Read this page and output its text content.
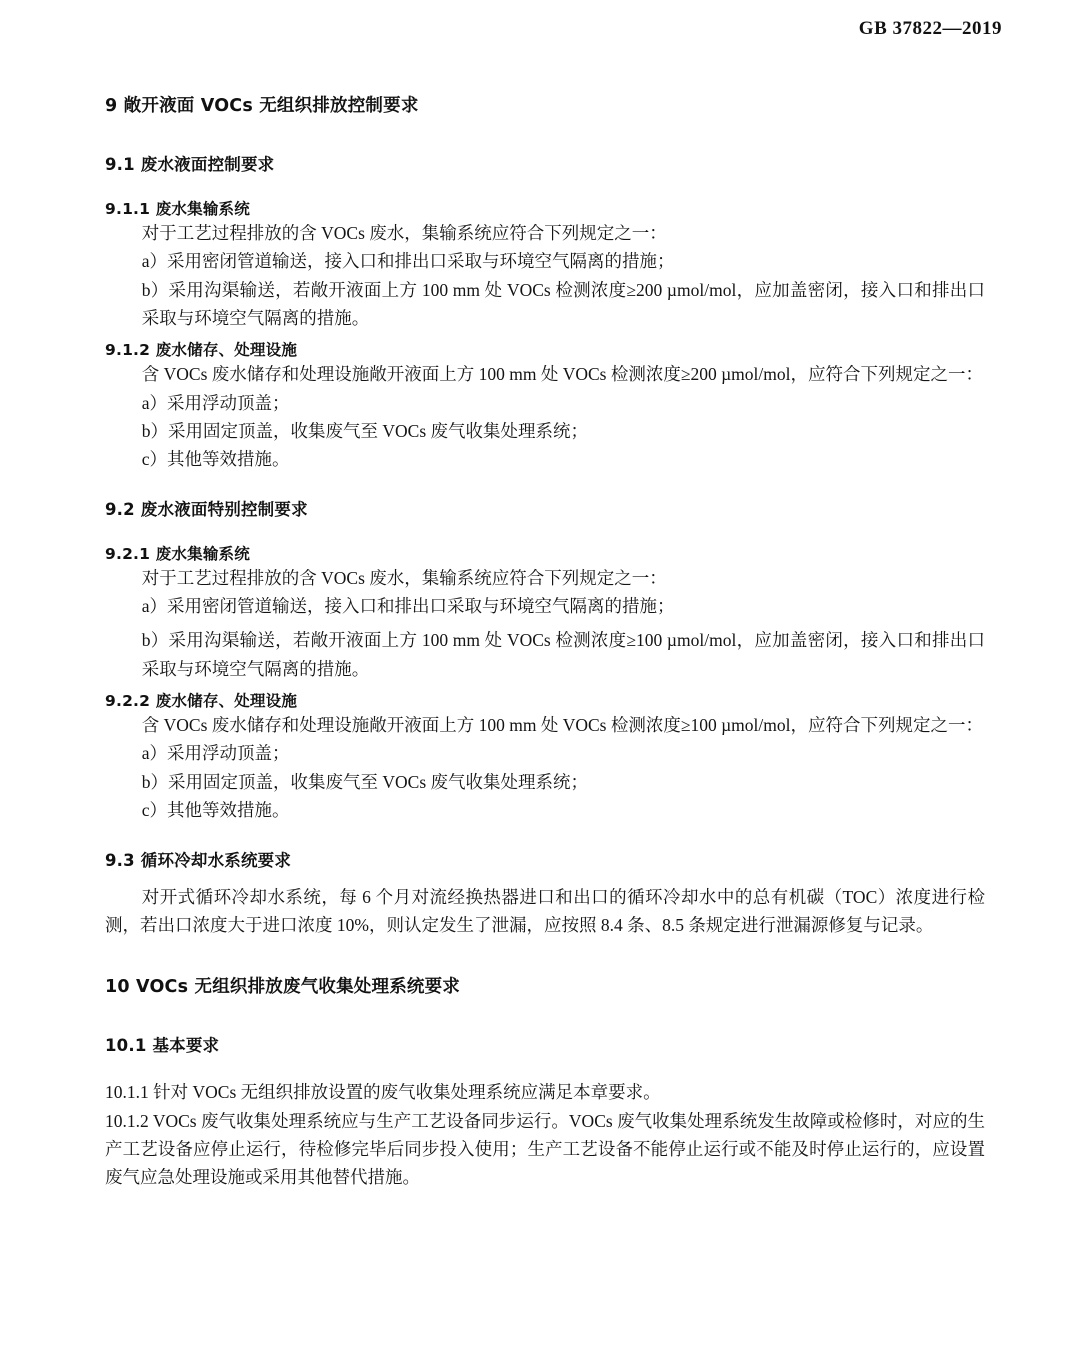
GB 37822—2019
9 敞开液面 VOCs 无组织排放控制要求
9.1 废水液面控制要求
9.1.1 废水集输系统
对于工艺过程排放的含 VOCs 废水，集输系统应符合下列规定之一：
a）采用密闭管道输送，接入口和排出口采取与环境空气隔离的措施；
b）采用沟渠输送，若敞开液面上方 100 mm 处 VOCs 检测浓度≥200 µmol/mol，应加盖密闭，接入口和排出口采取与环境空气隔离的措施。
9.1.2 废水储存、处理设施
含 VOCs 废水储存和处理设施敞开液面上方 100 mm 处 VOCs 检测浓度≥200 µmol/mol，应符合下列规定之一：
a）采用浮动顶盖；
b）采用固定顶盖，收集废气至 VOCs 废气收集处理系统；
c）其他等效措施。
9.2 废水液面特别控制要求
9.2.1 废水集输系统
对于工艺过程排放的含 VOCs 废水，集输系统应符合下列规定之一：
a）采用密闭管道输送，接入口和排出口采取与环境空气隔离的措施；
b）采用沟渠输送，若敞开液面上方 100 mm 处 VOCs 检测浓度≥100 µmol/mol，应加盖密闭，接入口和排出口采取与环境空气隔离的措施。
9.2.2 废水储存、处理设施
含 VOCs 废水储存和处理设施敞开液面上方 100 mm 处 VOCs 检测浓度≥100 µmol/mol，应符合下列规定之一：
a）采用浮动顶盖；
b）采用固定顶盖，收集废气至 VOCs 废气收集处理系统；
c）其他等效措施。
9.3 循环冷却水系统要求
对开式循环冷却水系统，每 6 个月对流经换热器进口和出口的循环冷却水中的总有机碳（TOC）浓度进行检测，若出口浓度大于进口浓度 10%，则认定发生了泄漏，应按照 8.4 条、8.5 条规定进行泄漏源修复与记录。
10 VOCs 无组织排放废气收集处理系统要求
10.1 基本要求
10.1.1 针对 VOCs 无组织排放设置的废气收集处理系统应满足本章要求。
10.1.2 VOCs 废气收集处理系统应与生产工艺设备同步运行。VOCs 废气收集处理系统发生故障或检修时，对应的生产工艺设备应停止运行，待检修完毕后同步投入使用；生产工艺设备不能停止运行或不能及时停止运行的，应设置废气应急处理设施或采用其他替代措施。
